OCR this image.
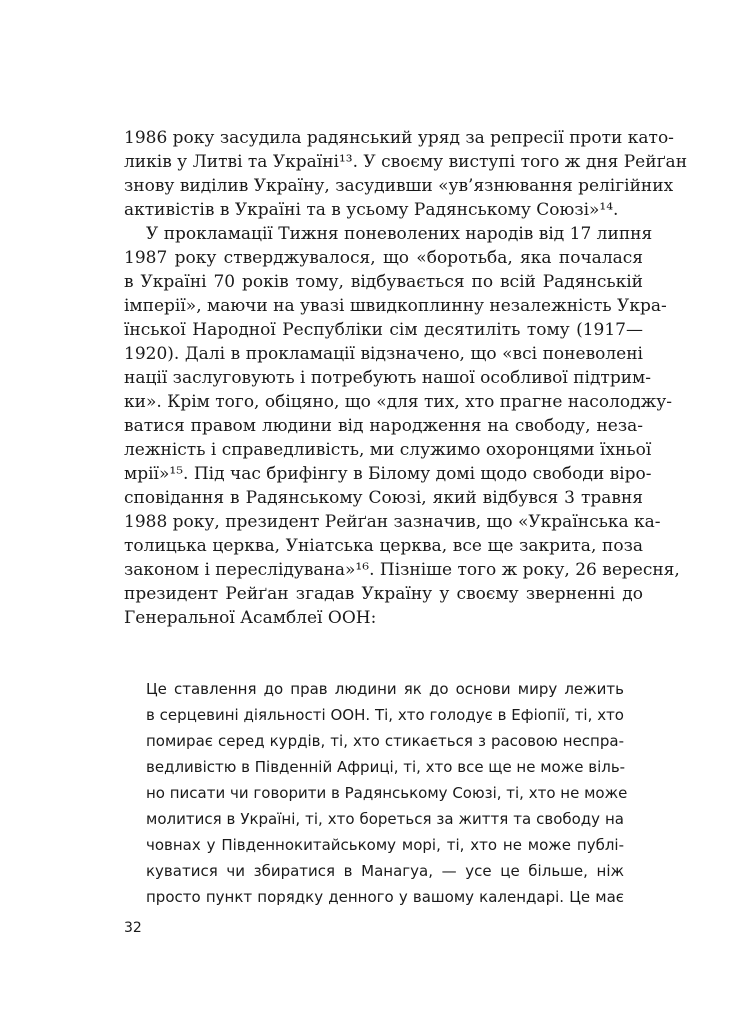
1986 року засудила радянський уряд за репресії проти като-

ликів у Литві та Україні¹³. У своєму виступі того ж дня Рейґан

знову виділив Україну, засудивши «ув’язнювання релігійних

активістів в Україні та в усьому Радянському Союзі»¹⁴.

У прокламації Тижня поневолених народів від 17 липня

1987 року стверджувалося, що «боротьба, яка почалася

в Україні 70 років тому, відбувається по всій Радянській

імперії», маючи на увазі швидкоплинну незалежність Укра-

їнської Народної Республіки сім десятиліть тому (1917—

1920). Далі в прокламації відзначено, що «всі поневолені

нації заслуговують і потребують нашої особливої підтрим-

ки». Крім того, обіцяно, що «для тих, хто прагне насолоджу-

ватися правом людини від народження на свободу, неза-

лежність і справедливість, ми служимо охоронцями їхньої

мрії»¹⁵. Під час брифінгу в Білому домі щодо свободи віро-

сповідання в Радянському Союзі, який відбувся 3 травня

1988 року, президент Рейґан зазначив, що «Українська ка-

толицька церква, Уніатська церква, все ще закрита, поза

законом і переслідувана»¹⁶. Пізніше того ж року, 26 вересня,

президент Рейґан згадав Україну у своєму зверненні до

Генеральної Асамблеї ООН:

Це ставлення до прав людини як до основи миру лежить

в серцевині діяльності ООН. Ті, хто голодує в Ефіопії, ті, хто

помирає серед курдів, ті, хто стикається з расовою неспра-

ведливістю в Південній Африці, ті, хто все ще не може віль-

но писати чи говорити в Радянському Союзі, ті, хто не може

молитися в Україні, ті, хто бореться за життя та свободу на

човнах у Південнокитайському морі, ті, хто не може публі-

куватися чи збиратися в Манагуа, — усе це більше, ніж

просто пункт порядку денного у вашому календарі. Це має

32
